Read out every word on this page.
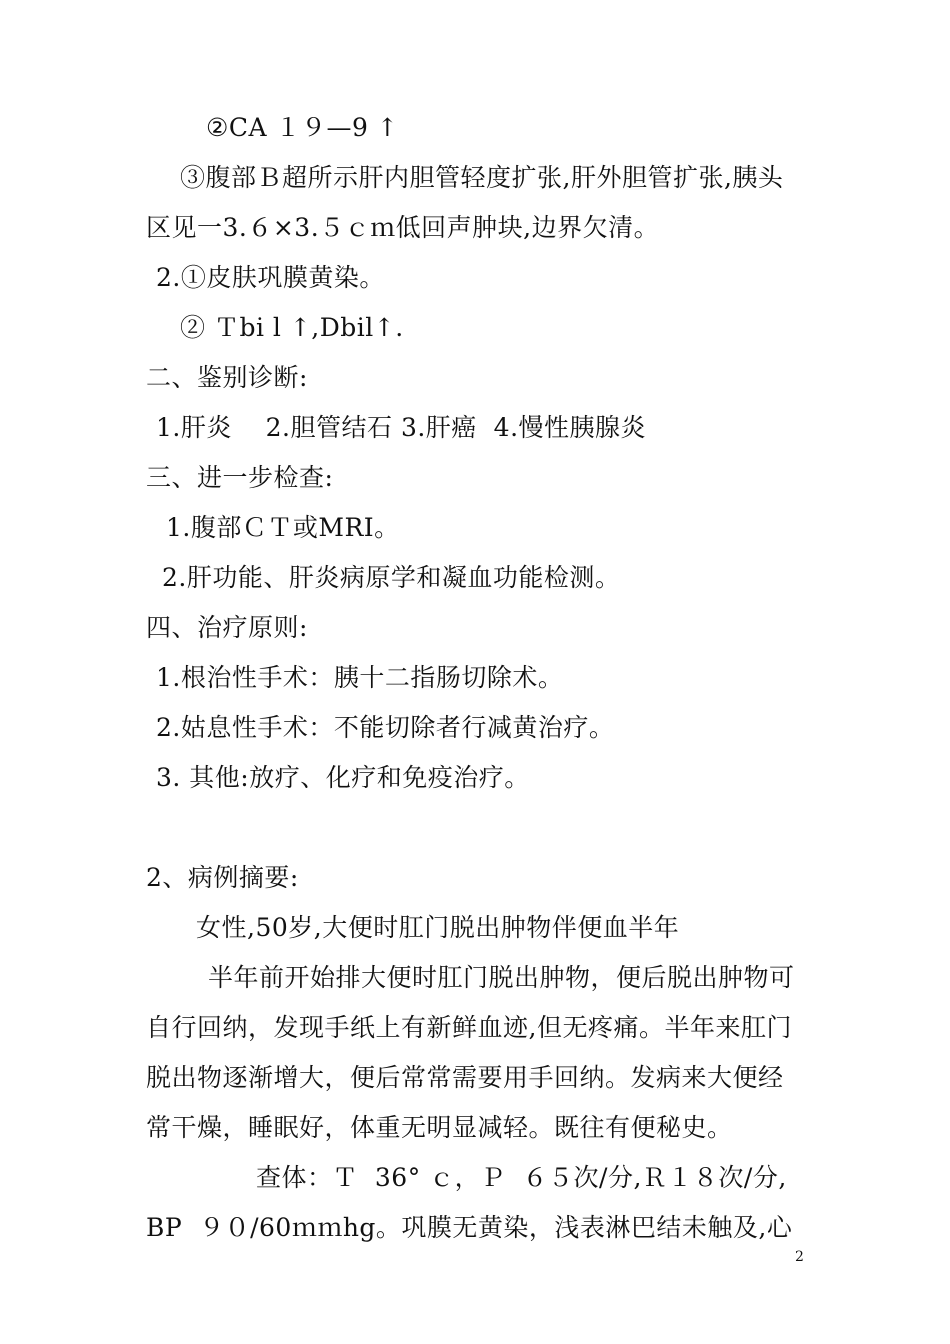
②CA １９—9 ↑
③腹部Ｂ超所示肝内胆管轻度扩张,肝外胆管扩张,胰头
区见一3.６×3.５ｃｍ低回声肿块,边界欠清。
2.①皮肤巩膜黄染。
② Ｔbi l ↑,Dbil↑.
二、鉴别诊断:
1.肝炎    2.胆管结石 3.肝癌  4.慢性胰腺炎
三、进一步检查:
1.腹部ＣＴ或MRI。
2.肝功能、肝炎病原学和凝血功能检测。
四、治疗原则:
1.根治性手术：胰十二指肠切除术。
2.姑息性手术：不能切除者行减黄治疗。
3. 其他:放疗、化疗和免疫治疗。
2、病例摘要:
女性,50岁,大便时肛门脱出肿物伴便血半年
半年前开始排大便时肛门脱出肿物，便后脱出肿物可
自行回纳，发现手纸上有新鲜血迹,但无疼痛。半年来肛门
脱出物逐渐增大，便后常常需要用手回纳。发病来大便经
常干燥，睡眠好，体重无明显减轻。既往有便秘史。
查体：Ｔ  36° ｃ，Ｐ  ６５次/分,Ｒ１８次/分,
BP  ９０/60ｍｍhg。巩膜无黄染，浅表淋巴结未触及,心
2
